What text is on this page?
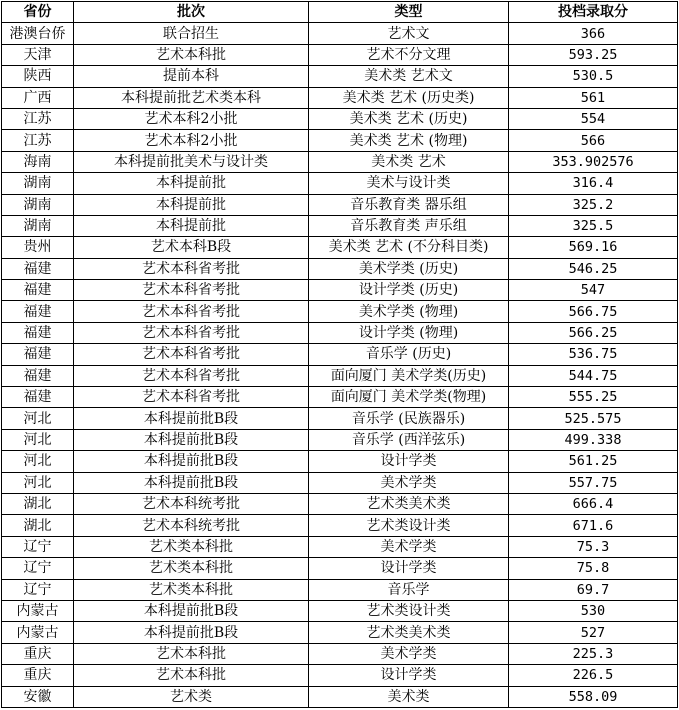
省份	批次	类型	投档录取分
港澳台侨	联合招生	艺术文	366
天津	艺术本科批	艺术不分文理	593.25
陕西	提前本科	美术类 艺术文	530.5
广西	本科提前批艺术类本科	美术类 艺术 (历史类)	561
江苏	艺术本科2小批	美术类 艺术 (历史)	554
江苏	艺术本科2小批	美术类 艺术 (物理)	566
海南	本科提前批美术与设计类	美术类 艺术	353.902576
湖南	本科提前批	美术与设计类	316.4
湖南	本科提前批	音乐教育类 器乐组	325.2
湖南	本科提前批	音乐教育类 声乐组	325.5
贵州	艺术本科B段	美术类 艺术 (不分科目类)	569.16
福建	艺术本科省考批	美术学类 (历史)	546.25
福建	艺术本科省考批	设计学类 (历史)	547
福建	艺术本科省考批	美术学类 (物理)	566.75
福建	艺术本科省考批	设计学类 (物理)	566.25
福建	艺术本科省考批	音乐学 (历史)	536.75
福建	艺术本科省考批	面向厦门 美术学类(历史)	544.75
福建	艺术本科省考批	面向厦门 美术学类(物理)	555.25
河北	本科提前批B段	音乐学 (民族器乐)	525.575
河北	本科提前批B段	音乐学 (西洋弦乐)	499.338
河北	本科提前批B段	设计学类	561.25
河北	本科提前批B段	美术学类	557.75
湖北	艺术本科统考批	艺术类美术类	666.4
湖北	艺术本科统考批	艺术类设计类	671.6
辽宁	艺术类本科批	美术学类	75.3
辽宁	艺术类本科批	设计学类	75.8
辽宁	艺术类本科批	音乐学	69.7
内蒙古	本科提前批B段	艺术类设计类	530
内蒙古	本科提前批B段	艺术类美术类	527
重庆	艺术本科批	美术学类	225.3
重庆	艺术本科批	设计学类	226.5
安徽	艺术类	美术类	558.09
